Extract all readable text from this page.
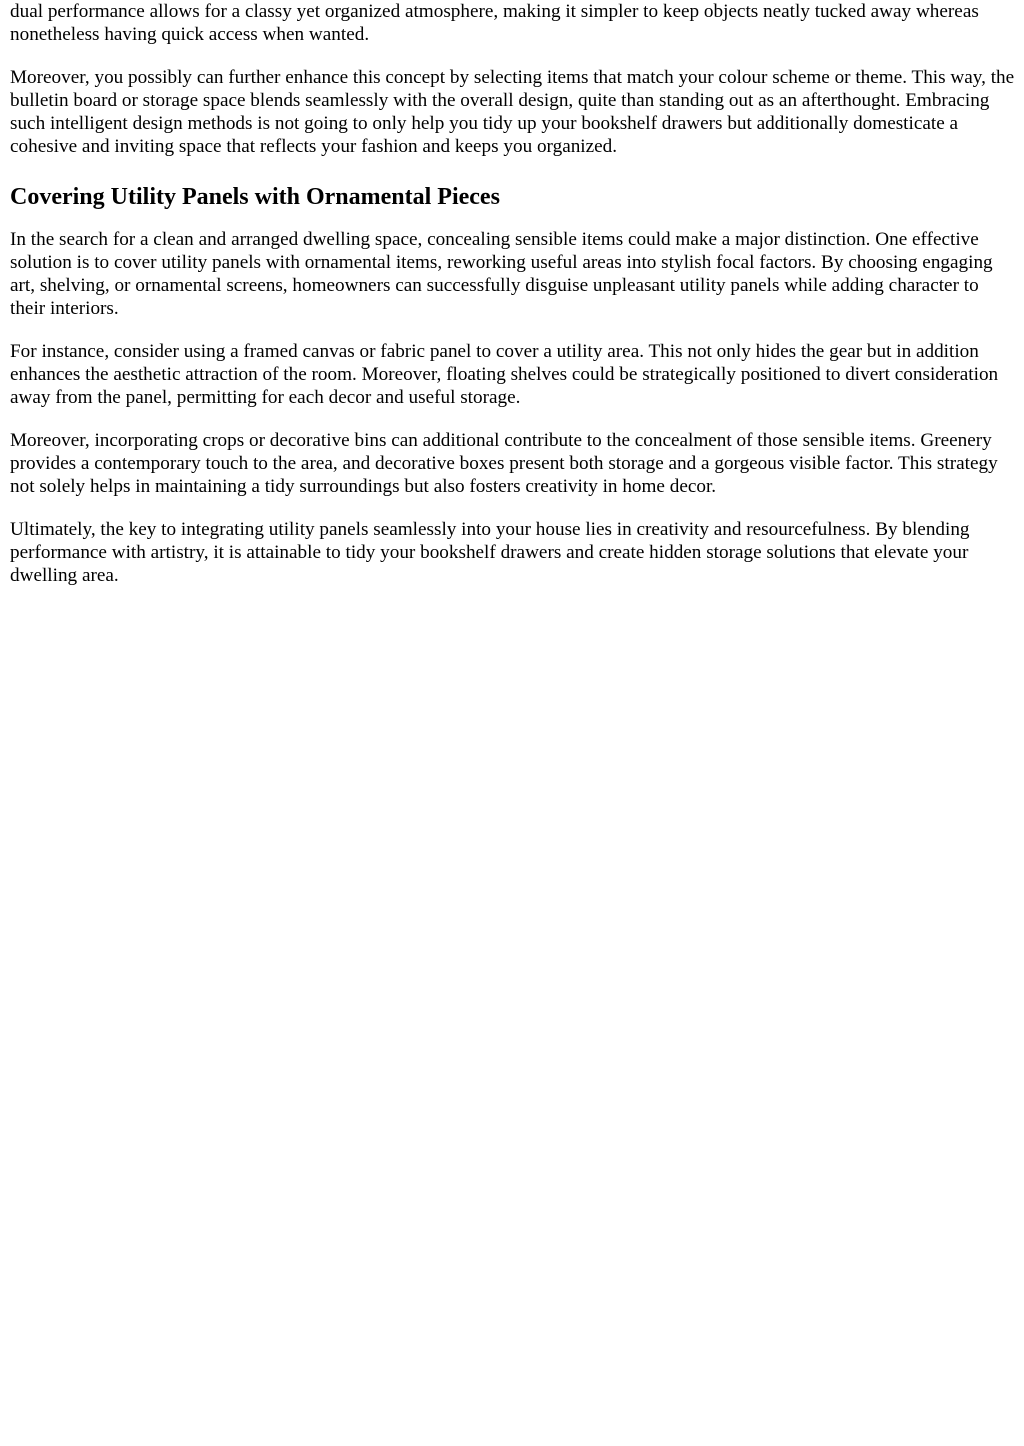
dual performance allows for a classy yet organized atmosphere, making it simpler to keep objects neatly tucked away whereas nonetheless having quick access when wanted.

Moreover, you possibly can further enhance this concept by selecting items that match your colour scheme or theme. This way, the bulletin board or storage space blends seamlessly with the overall design, quite than standing out as an afterthought. Embracing such intelligent design methods is not going to only help you tidy up your bookshelf drawers but additionally domesticate a cohesive and inviting space that reflects your fashion and keeps you organized.

Covering Utility Panels with Ornamental Pieces

In the search for a clean and arranged dwelling space, concealing sensible items could make a major distinction. One effective solution is to cover utility panels with ornamental items, reworking useful areas into stylish focal factors. By choosing engaging art, shelving, or ornamental screens, homeowners can successfully disguise unpleasant utility panels while adding character to their interiors.

For instance, consider using a framed canvas or fabric panel to cover a utility area. This not only hides the gear but in addition enhances the aesthetic attraction of the room. Moreover, floating shelves could be strategically positioned to divert consideration away from the panel, permitting for each decor and useful storage.

Moreover, incorporating crops or decorative bins can additional contribute to the concealment of those sensible items. Greenery provides a contemporary touch to the area, and decorative boxes present both storage and a gorgeous visible factor. This strategy not solely helps in maintaining a tidy surroundings but also fosters creativity in home decor.

Ultimately, the key to integrating utility panels seamlessly into your house lies in creativity and resourcefulness. By blending performance with artistry, it is attainable to tidy your bookshelf drawers and create hidden storage solutions that elevate your dwelling area.
